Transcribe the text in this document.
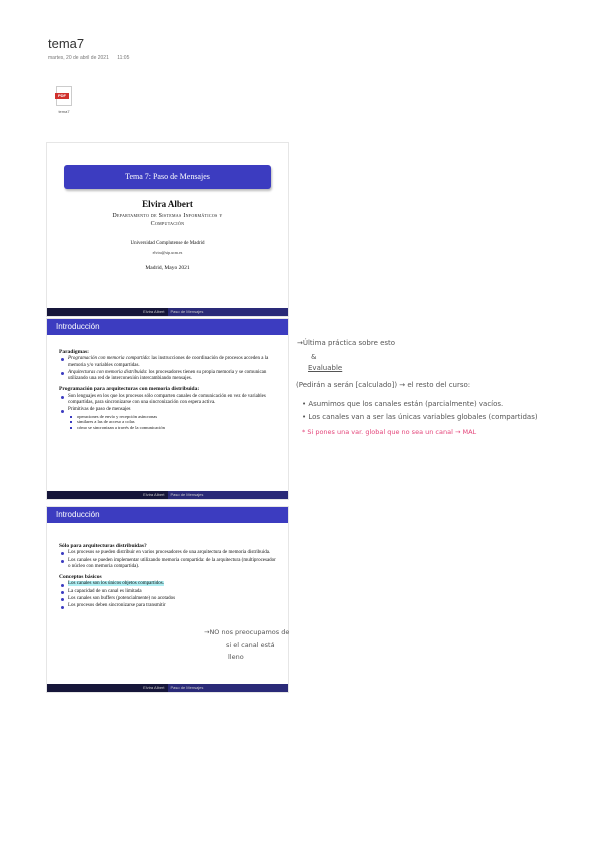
tema7
martes, 20 de abril de 2021 11:05
PDF
tema7
Tema 7: Paso de Mensajes
Elvira Albert
Departamento de Sistemas Informáticos y
Computación
Universidad Complutense de Madrid
elvira@sip.ucm.es
Madrid, Mayo 2021
Elvira Albert	Paso de Mensajes
Introducción
Paradigmas:
Programación con memoria compartida: las instrucciones de coordinación de procesos acceden a la memoria y/o variables compartidas.
Arquitecturas con memoria distribuida: los procesadores tienen su propia memoria y se comunican utilizando una red de interconexión intercambiando mensajes.
Programación para arquitecturas con memoria distribuida:
Son lenguajes en los que los procesos sólo comparten canales de comunicación en vez de variables compartidas, para sincronizarse con una sincronización con espera activa.
Primitivas de paso de mensajes
operaciones de envío y recepción asíncronas
similares a las de acceso a colas
cómo se sincronizan a través de la comunicación
Elvira Albert	Paso de Mensajes
Introducción
Sólo para arquitecturas distribuidas?
Los procesos se pueden distribuir en varios procesadores de una arquitectura de memoria distribuida.
Los canales se pueden implementar utilizando memoria compartida: de la arquitectura (multiprocesador o núcleo con memoria compartida).
Conceptos básicos
Los canales son los únicos objetos compartidos.
La capacidad de un canal es limitada
Los canales son buffers (potencialmente) no acotados
Los procesos deben sincronizarse para transmitir
Elvira Albert	Paso de Mensajes
→Última práctica sobre esto
&
Evaluable
(Pedirán a serán [calculado]) → el resto del curso:
• Asumimos que los canales están (parcialmente) vacíos.
• Los canales van a ser las únicas variables globales (compartidas)
* Si pones una var. global que no sea un canal → MAL
→NO nos preocupamos de
si el canal está
lleno
